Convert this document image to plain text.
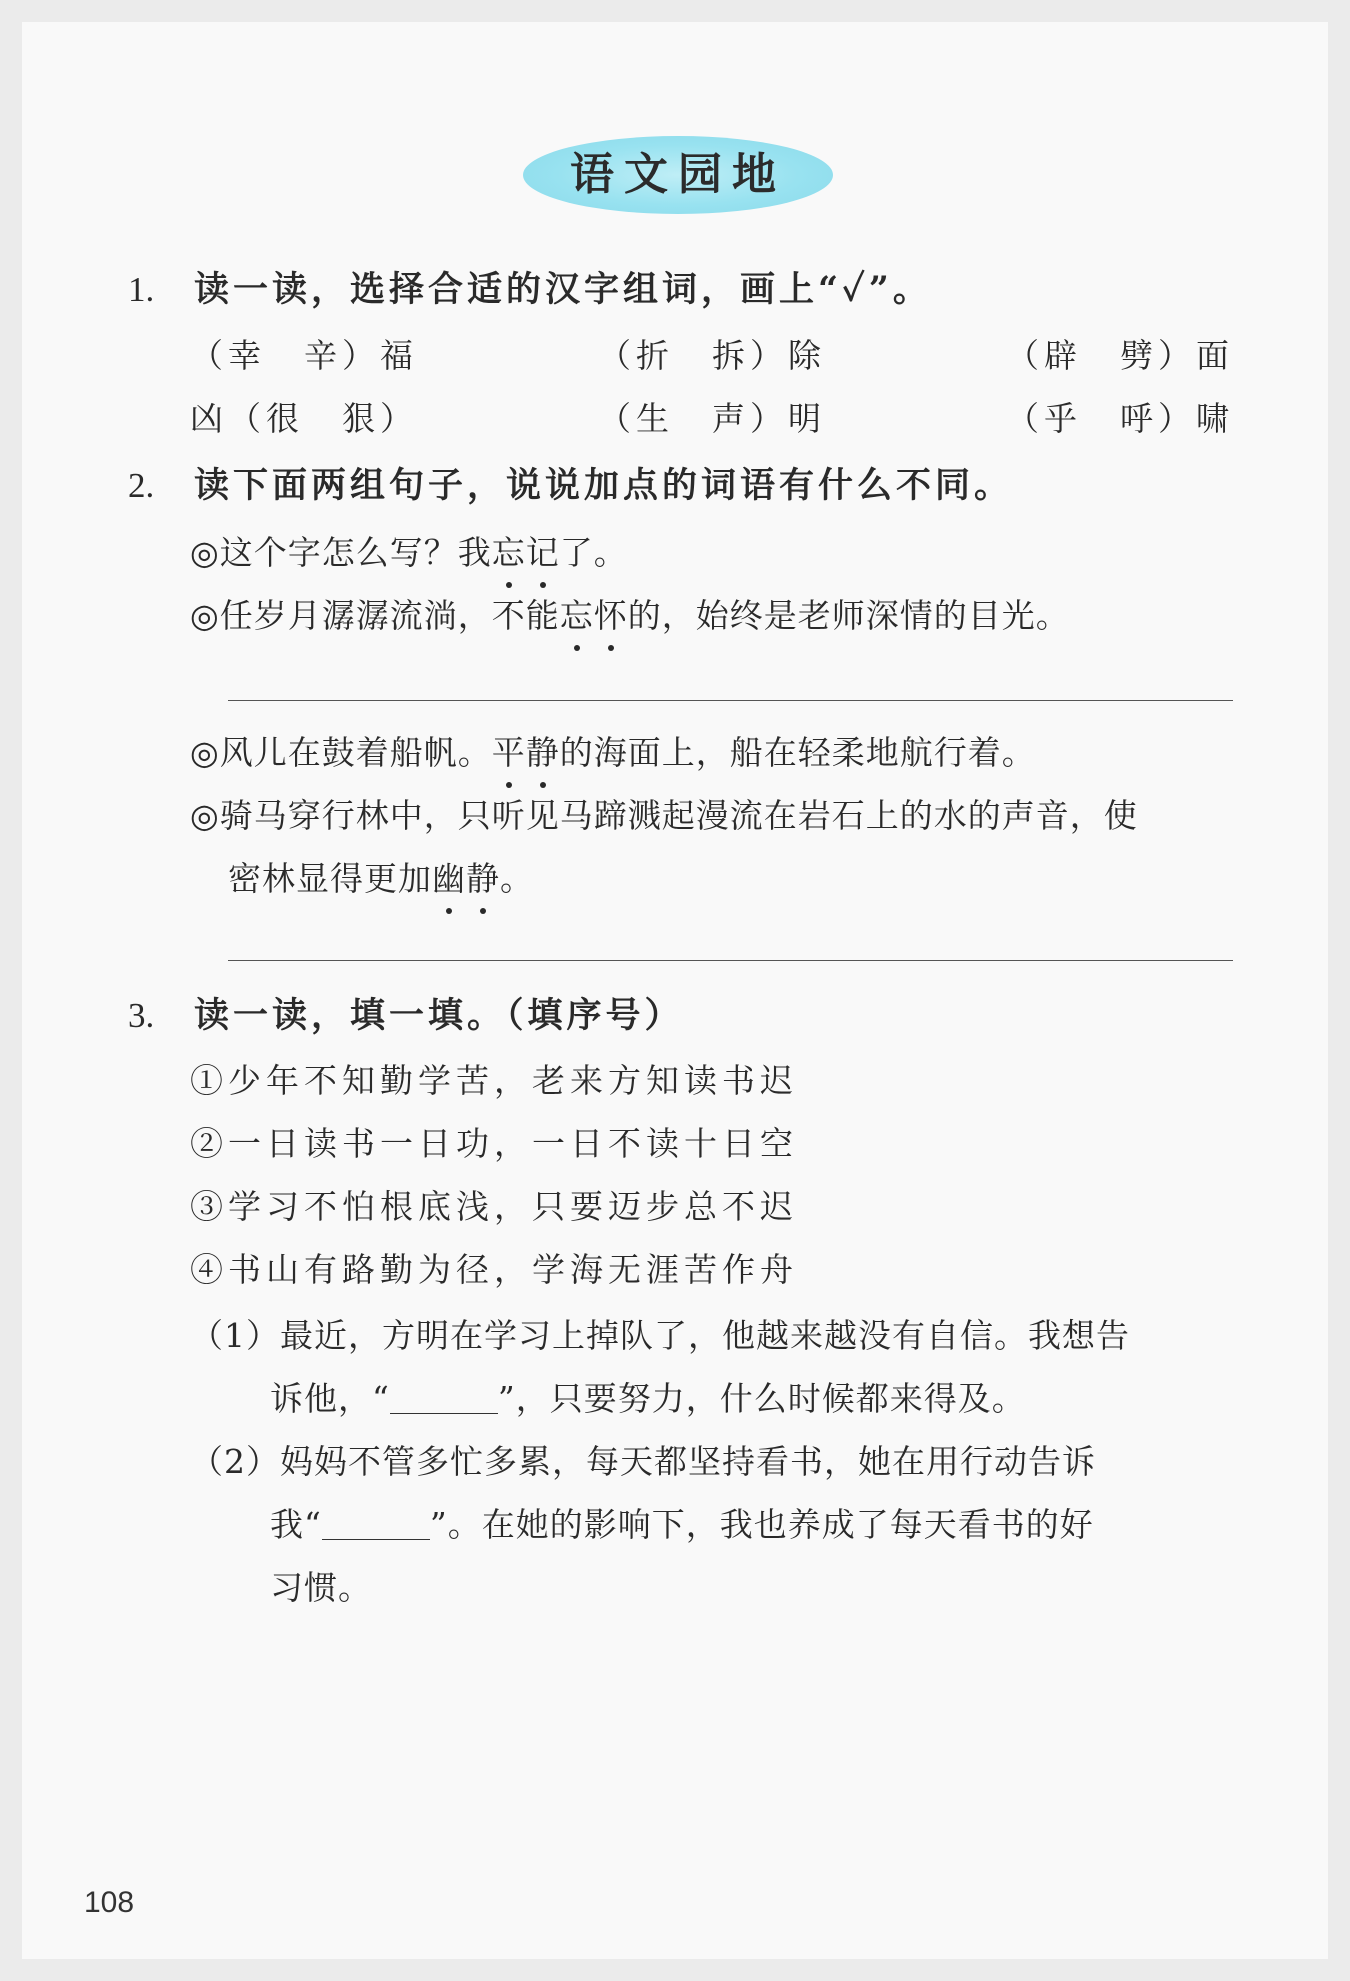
语文园地
1. 读一读，选择合适的汉字组词，画上“✓”。
（幸　辛）福	（折　拆）除	（辟　劈）面
凶（很　狠）	（生　声）明	（乎　呼）啸
2. 读下面两组句子，说说加点的词语有什么不同。
◎这个字怎么写？我忘记了。
◎任岁月潺潺流淌，不能忘怀的，始终是老师深情的目光。
◎风儿在鼓着船帆。平静的海面上，船在轻柔地航行着。
◎骑马穿行林中，只听见马蹄溅起漫流在岩石上的水的声音，使
密林显得更加幽静。
3. 读一读，填一填。（填序号）
①少年不知勤学苦，老来方知读书迟
②一日读书一日功，一日不读十日空
③学习不怕根底浅，只要迈步总不迟
④书山有路勤为径，学海无涯苦作舟
（1）最近，方明在学习上掉队了，他越来越没有自信。我想告
诉他，“	”，只要努力，什么时候都来得及。
（2）妈妈不管多忙多累，每天都坚持看书，她在用行动告诉
我“	”。在她的影响下，我也养成了每天看书的好
习惯。
108
